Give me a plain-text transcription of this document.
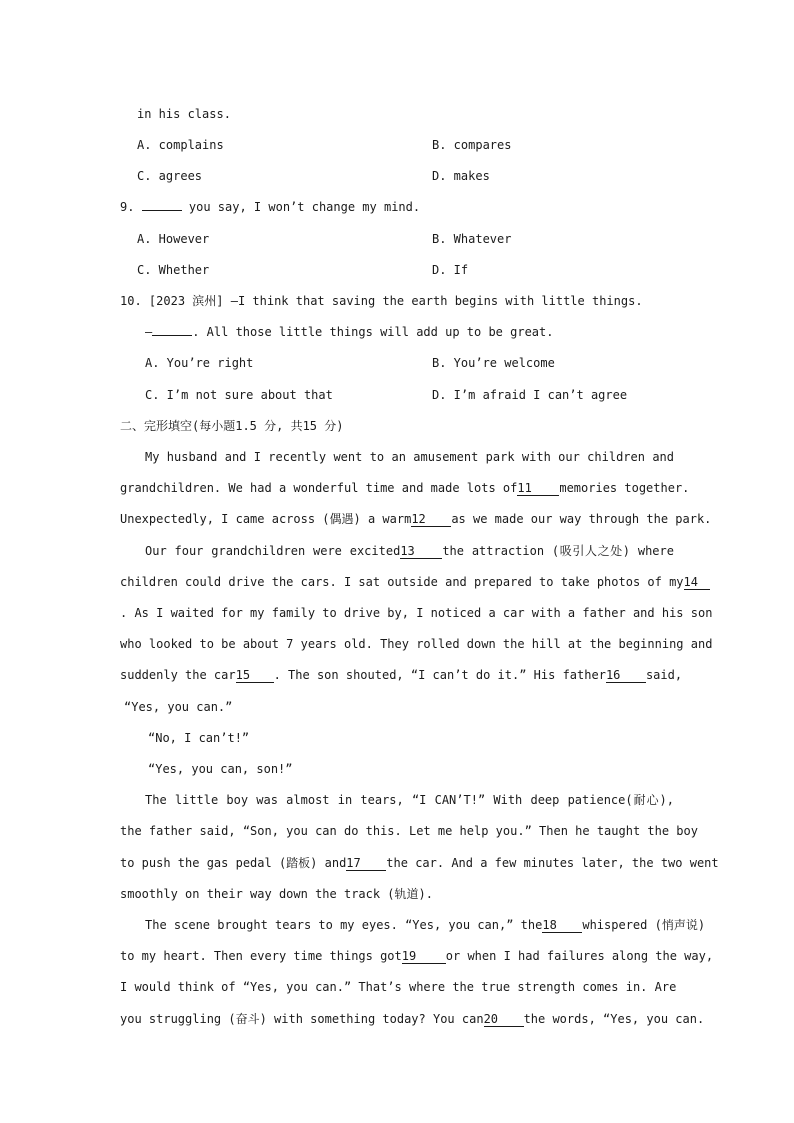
in his class.
A. complains	B. compares
C. agrees	D. makes
9.	you say, I won’t change my mind.
A. However	B. Whatever
C. Whether	D. If
10. [2023 滨州] —I think that saving the earth begins with little things.
—	. All those little things will add up to be great.
A. You’re right	B. You’re welcome
C. I’m not sure about that	D. I’m afraid I can’t agree
二、完形填空(每小题1.5 分, 共15 分)
My husband and I recently went to an amusement park with our children and
grandchildren. We had a wonderful time and made lots of11 memories together.
Unexpectedly, I came across (偶遇) a warm12 as we made our way through the park.
Our four grandchildren were excited13 the attraction (吸引人之处) where
children could drive the cars. I sat outside and prepared to take photos of my14
. As I waited for my family to drive by, I noticed a car with a father and his son
who looked to be about 7 years old. They rolled down the hill at the beginning and
suddenly the car15 . The son shouted, “I can’t do it.” His father16 said,
“Yes, you can.”
“No, I can’t!”
“Yes, you can, son!”
The little boy was almost in tears, “I CAN’T!” With deep patience(耐心),
the father said, “Son, you can do this. Let me help you.” Then he taught the boy
to push the gas pedal (踏板) and17 the car. And a few minutes later, the two went
smoothly on their way down the track (轨道).
The scene brought tears to my eyes. “Yes, you can,” the18 whispered (悄声说)
to my heart. Then every time things got19 or when I had failures along the way,
I would think of “Yes, you can.” That’s where the true strength comes in. Are
you struggling (奋斗) with something today? You can20 the words, “Yes, you can.
